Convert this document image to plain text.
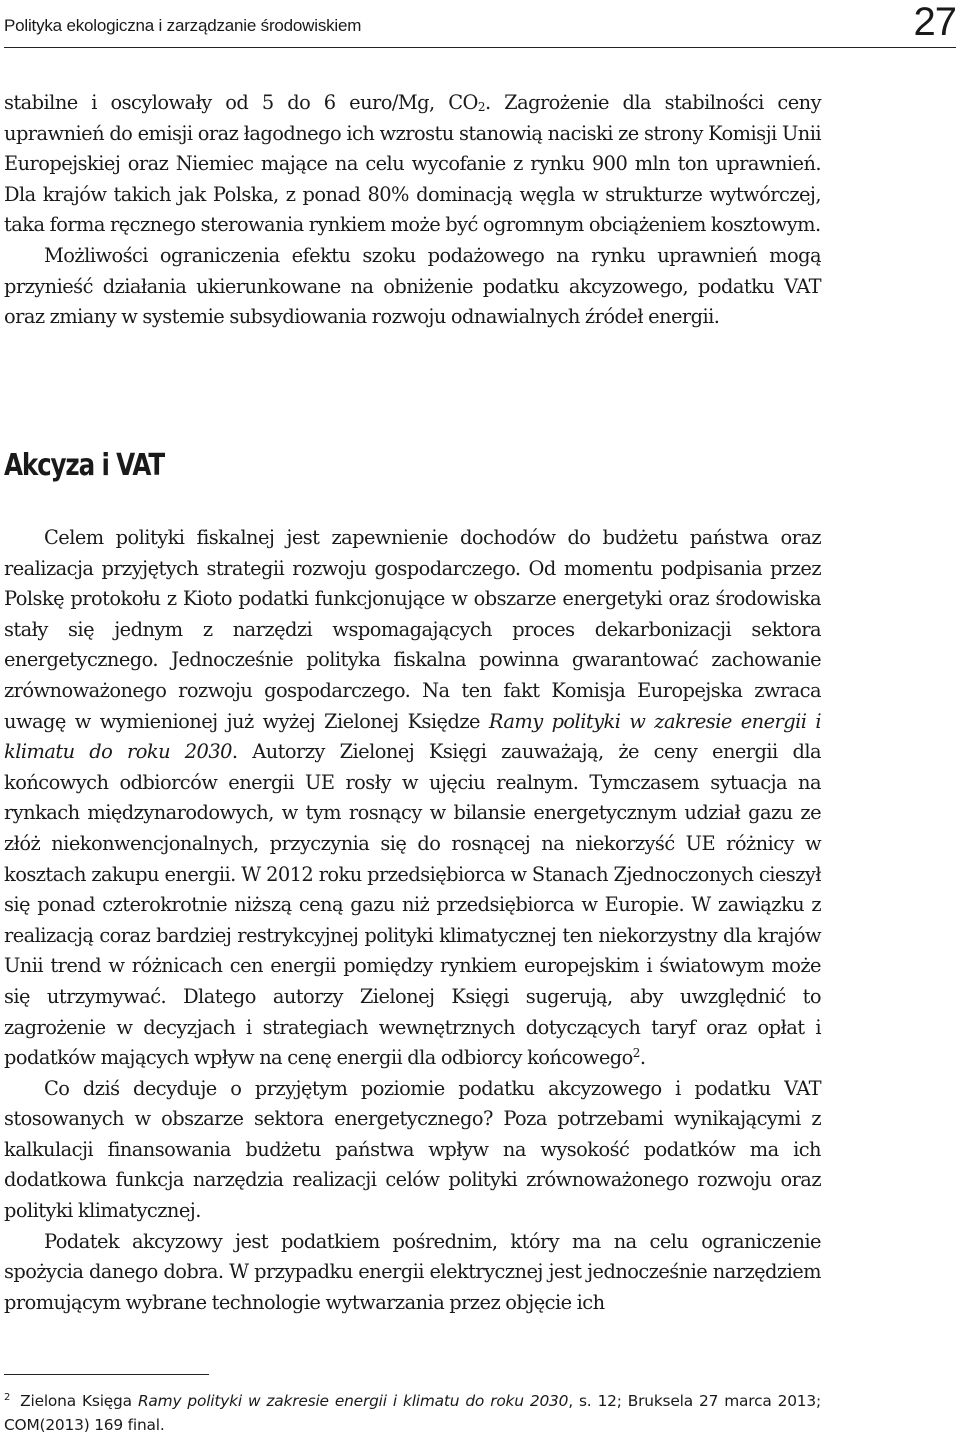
Polityka ekologiczna i zarządzanie środowiskiem	27

stabilne i oscylowały od 5 do 6 euro/Mg, $CO_2$. Zagrożenie dla stabilności ceny uprawnień do emisji oraz łagodnego ich wzrostu stanowią naciski ze strony Komisji Unii Europejskiej oraz Niemiec mające na celu wycofanie z rynku 900 mln ton uprawnień. Dla krajów takich jak Polska, z ponad 80% dominacją węgla w strukturze wytwórczej, taka forma ręcznego sterowania rynkiem może być ogromnym obciążeniem kosztowym.

Możliwości ograniczenia efektu szoku podażowego na rynku uprawnień mogą przynieść działania ukierunkowane na obniżenie podatku akcyzowego, podatku VAT oraz zmiany w systemie subsydiowania rozwoju odnawialnych źródeł energii.

Akcyza i VAT

Celem polityki fiskalnej jest zapewnienie dochodów do budżetu państwa oraz realizacja przyjętych strategii rozwoju gospodarczego. Od momentu podpisania przez Polskę protokołu z Kioto podatki funkcjonujące w obszarze energetyki oraz środowiska stały się jednym z narzędzi wspomagających proces dekarbonizacji sektora energetycznego. Jednocześnie polityka fiskalna powinna gwarantować zachowanie zrównoważonego rozwoju gospodarczego. Na ten fakt Komisja Europejska zwraca uwagę w wymienionej już wyżej Zielonej Księdze Ramy polityki w zakresie energii i klimatu do roku 2030. Autorzy Zielonej Księgi zauważają, że ceny energii dla końcowych odbiorców energii UE rosły w ujęciu realnym. Tymczasem sytuacja na rynkach międzynarodowych, w tym rosnący w bilansie energetycznym udział gazu ze złóż niekonwencjonalnych, przyczynia się do rosnącej na niekorzyść UE różnicy w kosztach zakupu energii. W 2012 roku przedsiębiorca w Stanach Zjednoczonych cieszył się ponad czterokrotnie niższą ceną gazu niż przedsiębiorca w Europie. W zawiązku z realizacją coraz bardziej restrykcyjnej polityki klimatycznej ten niekorzystny dla krajów Unii trend w różnicach cen energii pomiędzy rynkiem europejskim i światowym może się utrzymywać. Dlatego autorzy Zielonej Księgi sugerują, aby uwzględnić to zagrożenie w decyzjach i strategiach wewnętrznych dotyczących taryf oraz opłat i podatków mających wpływ na cenę energii dla odbiorcy końcowego$^2$.

Co dziś decyduje o przyjętym poziomie podatku akcyzowego i podatku VAT stosowanych w obszarze sektora energetycznego? Poza potrzebami wynikającymi z kalkulacji finansowania budżetu państwa wpływ na wysokość podatków ma ich dodatkowa funkcja narzędzia realizacji celów polityki zrównoważonego rozwoju oraz polityki klimatycznej.

Podatek akcyzowy jest podatkiem pośrednim, który ma na celu ograniczenie spożycia danego dobra. W przypadku energii elektrycznej jest jednocześnie narzędziem promującym wybrane technologie wytwarzania przez objęcie ich

$^2$ Zielona Księga Ramy polityki w zakresie energii i klimatu do roku 2030, s. 12; Bruksela 27 marca 2013; COM(2013) 169 final.
